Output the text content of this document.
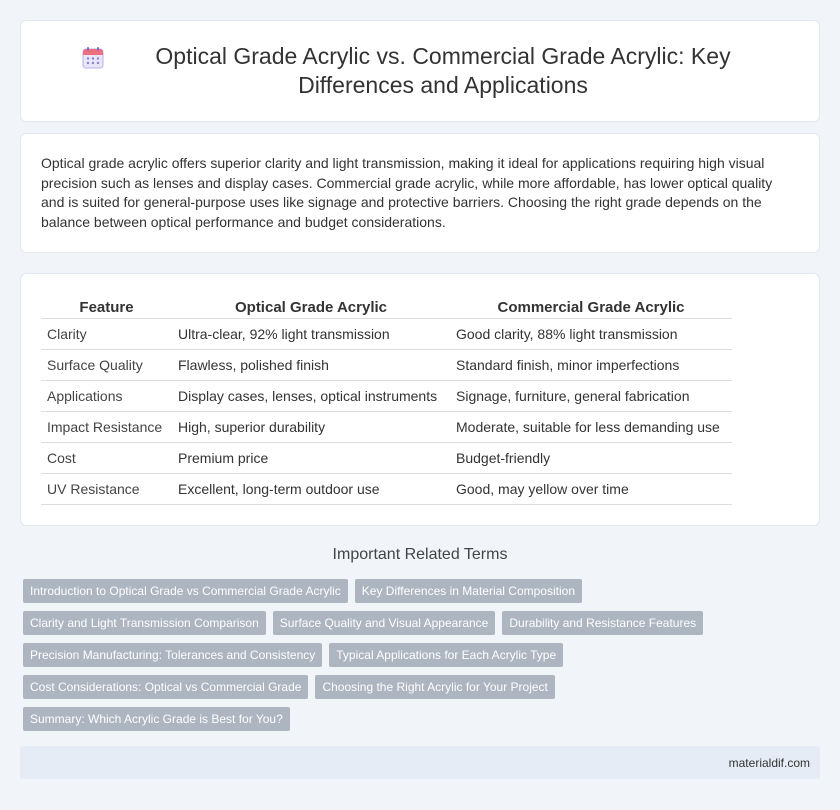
Optical Grade Acrylic vs. Commercial Grade Acrylic: Key Differences and Applications

Optical grade acrylic offers superior clarity and light transmission, making it ideal for applications requiring high visual precision such as lenses and display cases. Commercial grade acrylic, while more affordable, has lower optical quality and is suited for general-purpose uses like signage and protective barriers. Choosing the right grade depends on the balance between optical performance and budget considerations.

Feature	Optical Grade Acrylic	Commercial Grade Acrylic
Clarity	Ultra-clear, 92% light transmission	Good clarity, 88% light transmission
Surface Quality	Flawless, polished finish	Standard finish, minor imperfections
Applications	Display cases, lenses, optical instruments	Signage, furniture, general fabrication
Impact Resistance	High, superior durability	Moderate, suitable for less demanding use
Cost	Premium price	Budget-friendly
UV Resistance	Excellent, long-term outdoor use	Good, may yellow over time
Important Related Terms
Introduction to Optical Grade vs Commercial Grade Acrylic	Key Differences in Material Composition
Clarity and Light Transmission Comparison	Surface Quality and Visual Appearance	Durability and Resistance Features
Precision Manufacturing: Tolerances and Consistency	Typical Applications for Each Acrylic Type
Cost Considerations: Optical vs Commercial Grade	Choosing the Right Acrylic for Your Project
Summary: Which Acrylic Grade is Best for You?
materialdif.com
